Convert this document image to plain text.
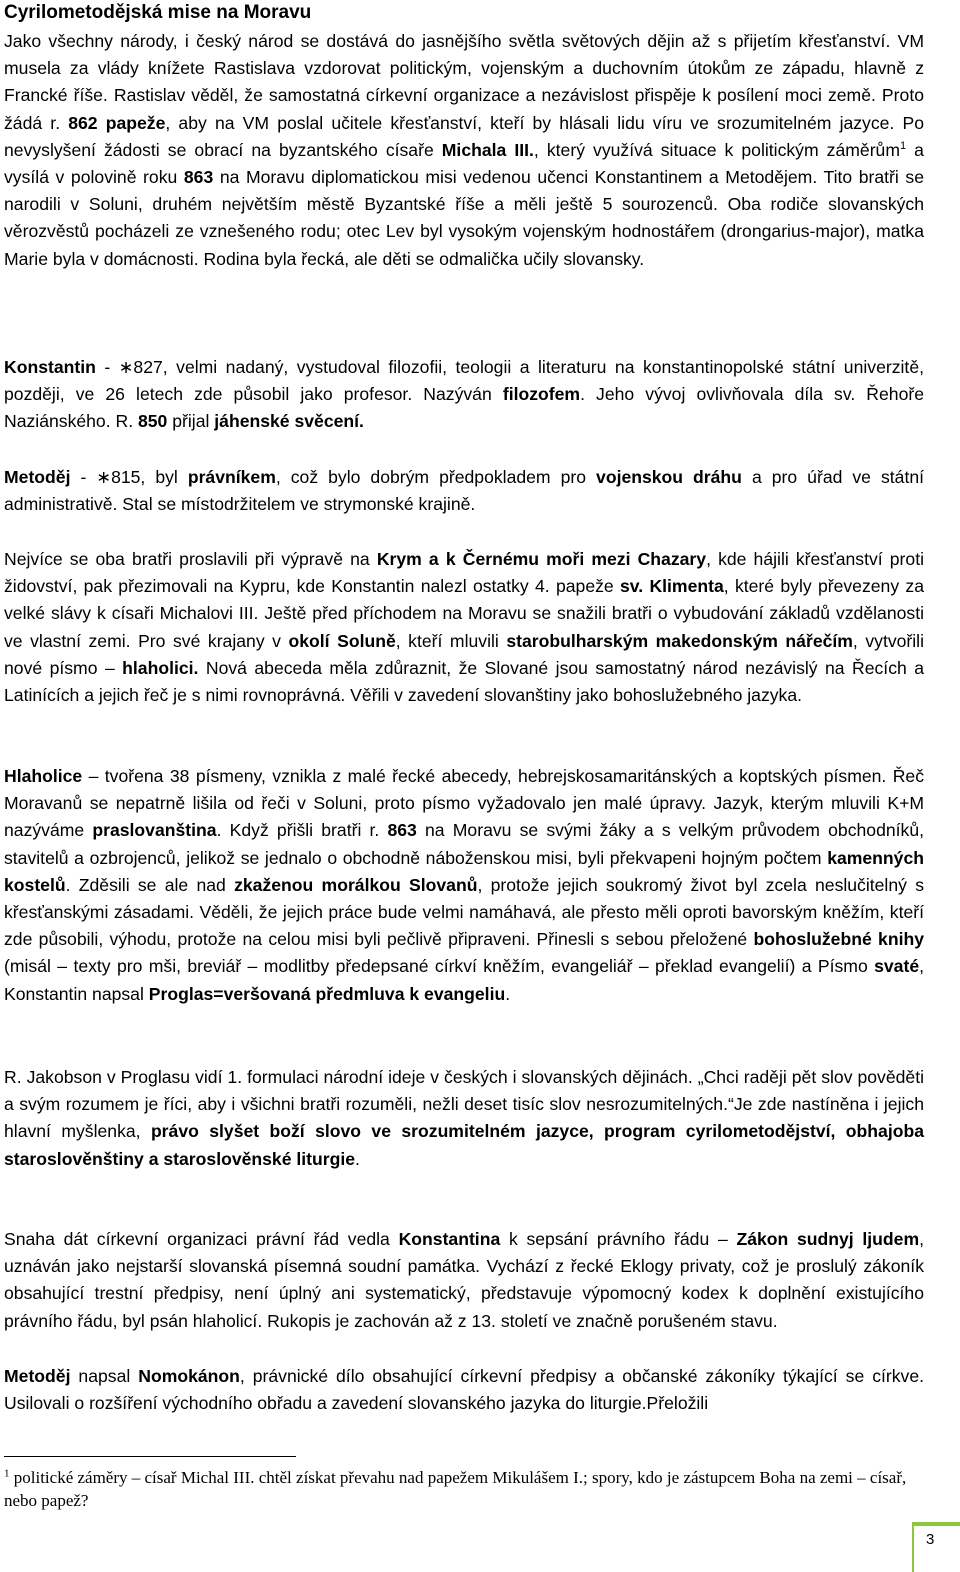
Cyrilometodějská mise na Moravu

Jako všechny národy, i český národ se dostává do jasnějšího světla světových dějin až s přijetím křesťanství. VM musela za vlády knížete Rastislava vzdorovat politickým, vojenským a duchovním útokům ze západu, hlavně z Francké říše. Rastislav věděl, že samostatná církevní organizace a nezávislost přispěje k posílení moci země. Proto žádá r. 862 papeže, aby na VM poslal učitele křesťanství, kteří by hlásali lidu víru ve srozumitelném jazyce. Po nevyslyšení žádosti se obrací na byzantského císaře Michala III., který využívá situace k politickým záměrům$^1$ a vysílá v polovině roku 863 na Moravu diplomatickou misi vedenou učenci Konstantinem a Metodějem. Tito bratři se narodili v Soluni, druhém největším městě Byzantské říše a měli ještě 5 sourozenců. Oba rodiče slovanských věrozvěstů pocházeli ze vznešeného rodu; otec Lev byl vysokým vojenským hodnostářem (drongarius-major), matka Marie byla v domácnosti. Rodina byla řecká, ale děti se odmalička učily slovansky.

Konstantin - ∗827, velmi nadaný, vystudoval filozofii, teologii a literaturu na konstantinopolské státní univerzitě, později, ve 26 letech zde působil jako profesor. Nazýván filozofem. Jeho vývoj ovlivňovala díla sv. Řehoře Naziánského. R. 850 přijal jáhenské svěcení.

Metoděj - ∗815, byl právníkem, což bylo dobrým předpokladem pro vojenskou dráhu a pro úřad ve státní administrativě. Stal se místodržitelem ve strymonské krajině.

Nejvíce se oba bratři proslavili při výpravě na Krym a k Černému moři mezi Chazary, kde hájili křesťanství proti židovství, pak přezimovali na Kypru, kde Konstantin nalezl ostatky 4. papeže sv. Klimenta, které byly převezeny za velké slávy k císaři Michalovi III. Ještě před příchodem na Moravu se snažili bratři o vybudování základů vzdělanosti ve vlastní zemi. Pro své krajany v okolí Soluně, kteří mluvili starobulharským makedonským nářečím, vytvořili nové písmo – hlaholici. Nová abeceda měla zdůraznit, že Slované jsou samostatný národ nezávislý na Řecích a Latinících a jejich řeč je s nimi rovnoprávná. Věřili v zavedení slovanštiny jako bohoslužebného jazyka.

Hlaholice – tvořena 38 písmeny, vznikla z malé řecké abecedy, hebrejskosamaritánských a koptských písmen. Řeč Moravanů se nepatrně lišila od řeči v Soluni, proto písmo vyžadovalo jen malé úpravy. Jazyk, kterým mluvili K+M nazýváme praslovanština. Když přišli bratři r. 863 na Moravu se svými žáky a s velkým průvodem obchodníků, stavitelů a ozbrojenců, jelikož se jednalo o obchodně náboženskou misi, byli překvapeni hojným počtem kamenných kostelů. Zděsili se ale nad zkaženou morálkou Slovanů, protože jejich soukromý život byl zcela neslučitelný s křesťanskými zásadami. Věděli, že jejich práce bude velmi namáhavá, ale přesto měli oproti bavorským kněžím, kteří zde působili, výhodu, protože na celou misi byli pečlivě připraveni. Přinesli s sebou přeložené bohoslužebné knihy (misál – texty pro mši, breviář – modlitby předepsané církví kněžím, evangeliář – překlad evangelií) a Písmo svaté, Konstantin napsal Proglas=veršovaná předmluva k evangeliu.

R. Jakobson v Proglasu vidí 1. formulaci národní ideje v českých i slovanských dějinách. „Chci raději pět slov pověděti a svým rozumem je říci, aby i všichni bratři rozuměli, nežli deset tisíc slov nesrozumitelných.“Je zde nastíněna i jejich hlavní myšlenka, právo slyšet boží slovo ve srozumitelném jazyce, program cyrilometodějství, obhajoba staroslověnštiny a staroslověnské liturgie.

Snaha dát církevní organizaci právní řád vedla Konstantina k sepsání právního řádu – Zákon sudnyj ljudem, uznáván jako nejstarší slovanská písemná soudní památka. Vychází z řecké Eklogy privaty, což je proslulý zákoník obsahující trestní předpisy, není úplný ani systematický, představuje výpomocný kodex k doplnění existujícího právního řádu, byl psán hlaholicí. Rukopis je zachován až z 13. století ve značně porušeném stavu.

Metoděj napsal Nomokánon, právnické dílo obsahující církevní předpisy a občanské zákoníky týkající se církve. Usilovali o rozšíření východního obřadu a zavedení slovanského jazyka do liturgie.Přeložili

$^1$ politické záměry – císař Michal III. chtěl získat převahu nad papežem Mikulášem I.; spory, kdo je zástupcem Boha na zemi – císař, nebo papež?

3
